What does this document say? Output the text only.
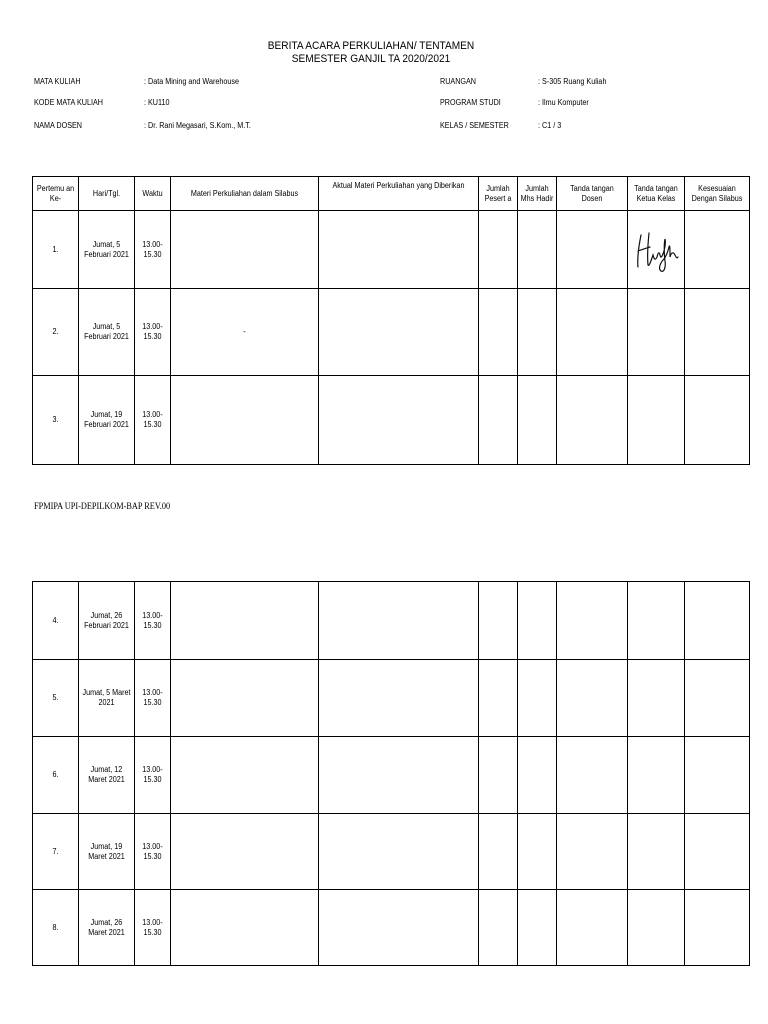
BERITA ACARA PERKULIAHAN/ TENTAMEN
SEMESTER GANJIL TA 2020/2021
MATA KULIAH	: Data Mining and Warehouse
KODE MATA KULIAH	: KU110
NAMA DOSEN	: Dr. Rani Megasari, S.Kom., M.T.
RUANGAN	: S-305 Ruang Kuliah
PROGRAM STUDI	: Ilmu Komputer
KELAS / SEMESTER	: C1 / 3
Pertemu an Ke-	Hari/Tgl.	Waktu	Materi Perkuliahan dalam Silabus	Aktual Materi Perkuliahan yang Diberikan	Jumlah Pesert a	Jumlah Mhs Hadir	Tanda tangan Dosen	Tanda tangan Ketua Kelas	Kesesuaian Dengan Silabus

1.	Jumat, 5 Februari 2021	13.00-15.30

2.	Jumat, 5 Februari 2021	13.00-15.30	-						

3.	Jumat, 19 Februari 2021	13.00-15.30							

FPMIPA UPI-DEPILKOM-BAP REV.00
4.	Jumat, 26 Februari 2021	13.00-15.30							

5.	Jumat, 5 Maret 2021	13.00-15.30							

6.	Jumat, 12 Maret 2021	13.00-15.30							

7.	Jumat, 19 Maret 2021	13.00-15.30							

8.	Jumat, 26 Maret 2021	13.00-15.30							
